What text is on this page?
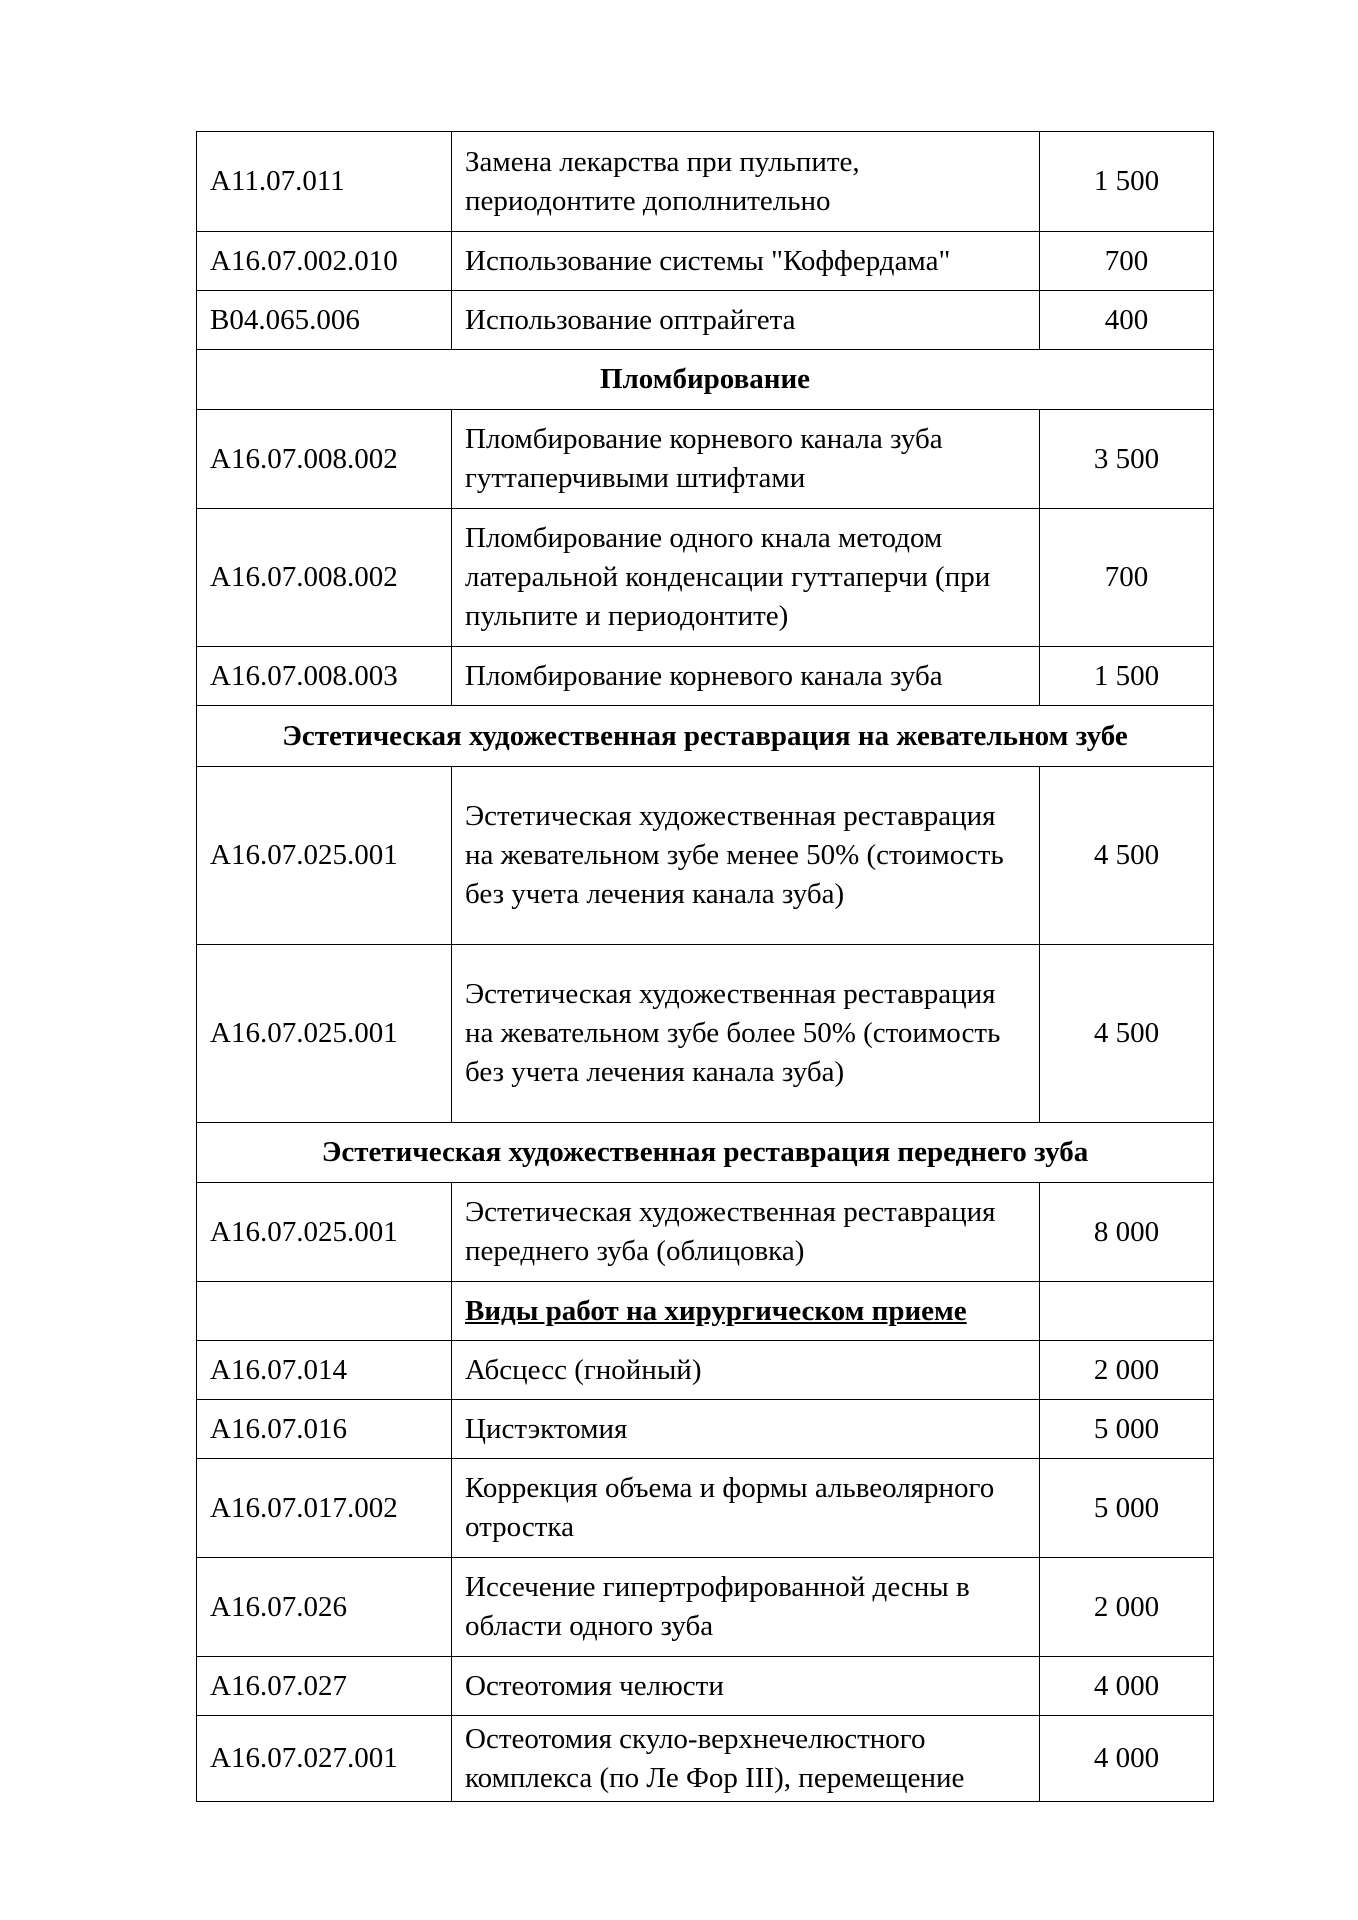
А11.07.011	Замена лекарства при пульпите, периодонтите дополнительно	1 500
А16.07.002.010	Использование системы "Коффердама"	700
В04.065.006	Использование оптрайгета	400
Пломбирование		
А16.07.008.002	Пломбирование корневого канала зуба гуттаперчивыми штифтами	3 500
А16.07.008.002	Пломбирование одного кнала методом латеральной конденсации гуттаперчи (при пульпите и периодонтите)	700
А16.07.008.003	Пломбирование корневого канала зуба	1 500
Эстетическая художественная реставрация на жевательном зубе		
А16.07.025.001	Эстетическая художественная реставрация на жевательном зубе менее 50% (стоимость без учета лечения канала зуба)	4 500
А16.07.025.001	Эстетическая художественная реставрация на жевательном зубе более 50% (стоимость без учета лечения канала зуба)	4 500
Эстетическая художественная реставрация переднего зуба		
А16.07.025.001	Эстетическая художественная реставрация переднего зуба (облицовка)	8 000
	Виды работ на хирургическом приеме	
А16.07.014	Абсцесс (гнойный)	2 000
А16.07.016	Цистэктомия	5 000
А16.07.017.002	Коррекция объема и формы альвеолярного отростка	5 000
А16.07.026	Иссечение гипертрофированной десны в области одного зуба	2 000
А16.07.027	Остеотомия челюсти	4 000
А16.07.027.001	Остеотомия скуло-верхнечелюстного комплекса (по Ле Фор III), перемещение	4 000
